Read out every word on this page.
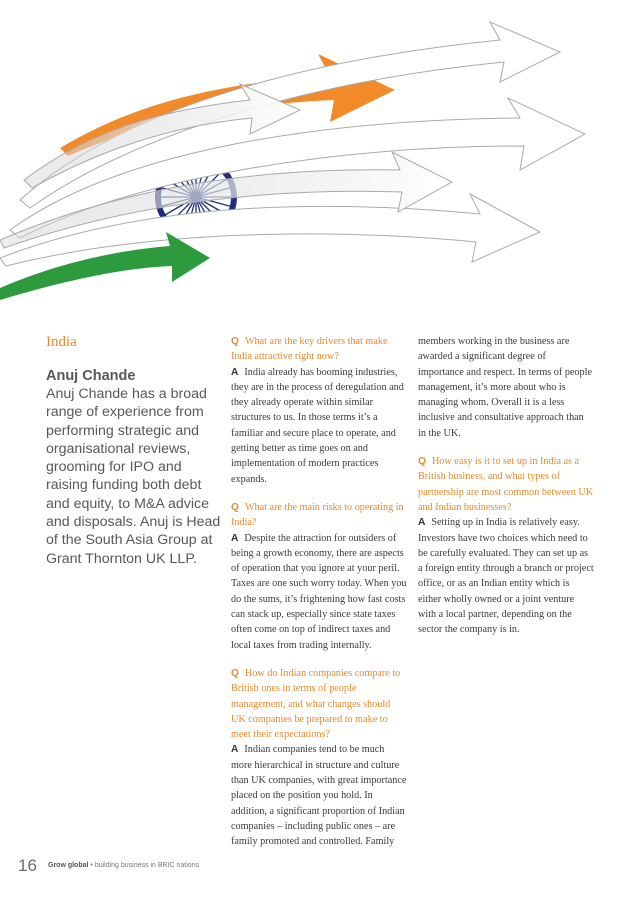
India

Anuj Chande

Anuj Chande has a broad range of experience from performing strategic and organisational reviews, grooming for IPO and raising funding both debt and equity, to M&A advice and disposals. Anuj is Head of the South Asia Group at Grant Thornton UK LLP.

Q What are the key drivers that make India attractive right now?

A India already has booming industries, they are in the process of deregulation and they already operate within similar structures to us. In those terms it’s a familiar and secure place to operate, and getting better as time goes on and implementation of modern practices expands.

Q What are the main risks to operating in India?

A Despite the attraction for outsiders of being a growth economy, there are aspects of operation that you ignore at your peril. Taxes are one such worry today. When you do the sums, it’s frightening how fast costs can stack up, especially since state taxes often come on top of indirect taxes and local taxes from trading internally.

Q How do Indian companies compare to British ones in terms of people management, and what changes should UK companies be prepared to make to meet their expectations?

A Indian companies tend to be much more hierarchical in structure and culture than UK companies, with great importance placed on the position you hold. In addition, a significant proportion of Indian companies – including public ones – are family promoted and controlled. Family

members working in the business are awarded a significant degree of importance and respect. In terms of people management, it’s more about who is managing whom. Overall it is a less inclusive and consultative approach than in the UK.

Q How easy is it to set up in India as a British business, and what types of partnership are most common between UK and Indian businesses?

A Setting up in India is relatively easy. Investors have two choices which need to be carefully evaluated. They can set up as a foreign entity through a branch or project office, or as an Indian entity which is either wholly owned or a joint venture with a local partner, depending on the sector the company is in.

16 Grow global • building business in BRIC nations
